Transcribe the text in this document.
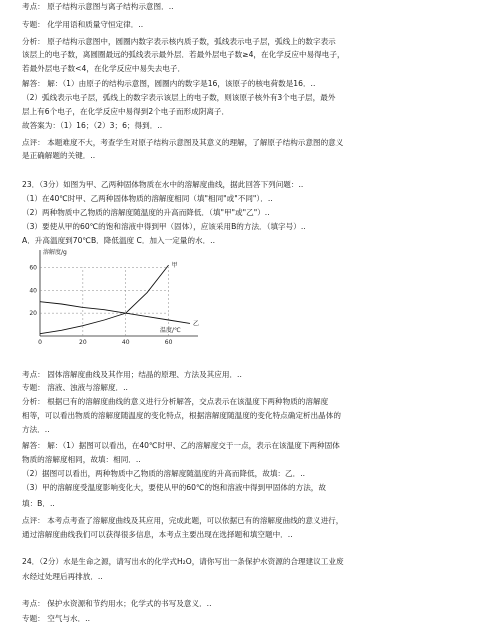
考点： 原子结构示意图与离子结构示意图．..
专题： 化学用语和质量守恒定律．..
分析： 原子结构示意图中，圆圈内数字表示核内质子数，弧线表示电子层，弧线上的数字表示
该层上的电子数，离圆圈最远的弧线表示最外层．若最外层电子数≥4，在化学反应中易得电子，
若最外层电子数<4，在化学反应中易失去电子．
解答： 解：（1）由原子的结构示意图，圆圈内的数字是16，该原子的核电荷数是16．..
（2）弧线表示电子层，弧线上的数字表示该层上的电子数，则该原子核外有3个电子层，最外
层上有6个电子，在化学反应中易得到2个电子而形成阴离子．
故答案为：（1）16；（2）3；6；得到．..
点评： 本题难度不大，考查学生对原子结构示意图及其意义的理解，了解原子结构示意图的意义
是正确解题的关键．..
23．（3分）如图为甲、乙两种固体物质在水中的溶解度曲线，据此回答下列问题：..
（1）在40℃时甲、乙两种固体物质的溶解度相同（填"相同"或"不同"）．..
（2）两种物质中乙物质的溶解度随温度的升高而降低．（填"甲"或"乙"）..
（3）要使从甲的60℃的饱和溶液中得到甲（固体），应该采用B的方法．（填字号）..
A．升高温度到70℃B．降低温度 C．加入一定量的水．..
20
40
60
0	20	40	60
溶解度/g
温度/℃
甲
乙
考点： 固体溶解度曲线及其作用；结晶的原理、方法及其应用．..
专题： 溶液、浊液与溶解度．..
分析： 根据已有的溶解度曲线的意义进行分析解答，交点表示在该温度下两种物质的溶解度
相等，可以看出物质的溶解度随温度的变化特点，根据溶解度随温度的变化特点确定析出晶体的
方法．..
解答： 解：（1）据图可以看出，在40℃时甲、乙的溶解度交于一点，表示在该温度下两种固体
物质的溶解度相同，故填：相同．..
（2）据图可以看出，两种物质中乙物质的溶解度随温度的升高而降低，故填：乙．..
（3）甲的溶解度受温度影响变化大，要使从甲的60℃的饱和溶液中得到甲固体的方法，故
填：B．..
点评： 本考点考查了溶解度曲线及其应用，完成此题，可以依据已有的溶解度曲线的意义进行，
通过溶解度曲线我们可以获得很多信息，本考点主要出现在选择题和填空题中．..
24．（2分）水是生命之源，请写出水的化学式H₂O，请你写出一条保护水资源的合理建议工业废
水经过处理后再排放．..
考点： 保护水资源和节约用水；化学式的书写及意义．..
专题： 空气与水．..
